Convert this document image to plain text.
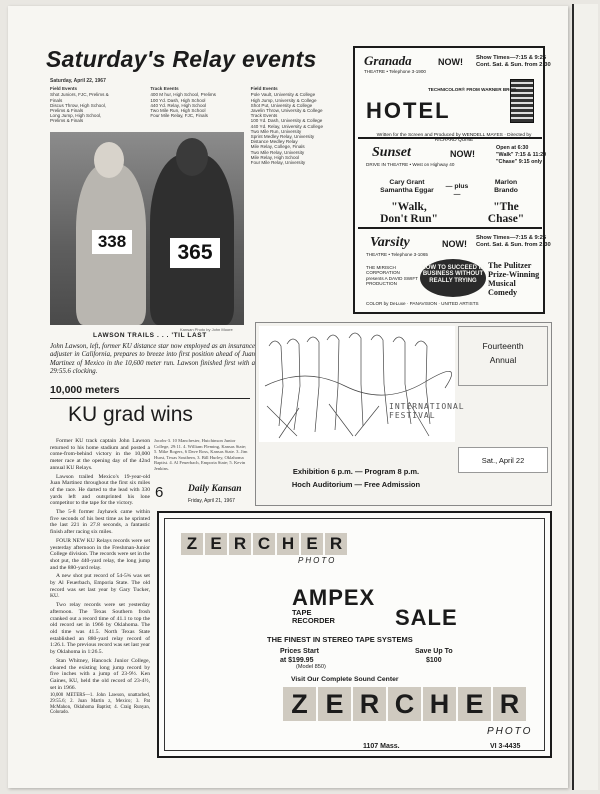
Saturday's Relay events
Saturday, April 22, 1967
Field Events
Shot Juniors, FJC, Prelims &
Finals
Discus Throw, High School,
Prelims & Finals
Long Jump, High School,
Prelims & Finals
Track Events
400 M hur, High School, Prelims
100 Yd. Dash, High School
440 Yd. Relay, High School
Two Mile Run, High School
Four Mile Relay, FJC, Finals
Field Events
Pole Vault, University & College
High Jump, University & College
Shot Put, University & College
Javelin Throw, University & College
Track Events
100 Yd. Dash, University & College
440 Yd. Relay, University & College
Two Mile Run, University
Sprint Medley Relay, University
Distance Medley Relay
Mile Relay, College, Finals
Two Mile Relay, University
Mile Relay, High School
Four Mile Relay, University
338	365
Kansan Photo by John Moore
LAWSON TRAILS . . . 'TIL LAST
John Lawson, left, former KU distance star now employed as an insurance adjuster in California, prepares to breeze into first position ahead of Juan Martinez of Mexico in the 10,600 meter run. Lawson finished first with a 29:55.6 clocking.
10,000 meters
KU grad wins

Former KU track captain John Lawson returned to his home stadium and posted a come-from-behind victory in the 10,000 meter race at the opening day of the 42nd annual KU Relays.

Lawson trailed Mexico's 19-year-old Juan Martinez throughout the first six miles of the race. He darted to the lead with 330 yards left and outsprinted his lone competitor to the tape for the victory.

The 5-8 former Jayhawk came within five seconds of his best time as he sprinted the last 221 in 27.8 seconds, a fantastic finish after racing six miles.

FOUR NEW KU Relays records were set yesterday afternoon in the Freshman-Junior College division. The records were set in the shot put, the 440-yard relay, the long jump and the 880-yard relay.

A new shot put record of 54-5¾ was set by Al Feuerbach, Emporia State. The old record was set last year by Gary Tucker, KU.

Two relay records were set yesterday afternoon. The Texas Southern frosh cranked out a record time of 41.1 to top the old record set in 1966 by Oklahoma. The old time was 41.5. North Texas State established an 880-yard relay record of 1:26.1. The previous record was set last year by Oklahoma in 1:26.5.

Stan Whitney, Hancock Junior College, cleared the existing long jump record by five inches with a jump of 23-9½. Ken Gaines, KU, held the old record of 23-4½, set in 1966.

10,000 METERS—1. John Lawson, unattached, 29:55.6; 2. Juan Martin z, Mexico; 3. Pat McMahon, Oklahoma Baptist; 4. Craig Runyan, Colorado.

Jacobs-3. 10 Manchester, Hutchinson Junior College, 29:11. 4. William Fleming, Kansas State; 5. Mike Rogers, 6 Dave Ross, Kansas State. 3. Jim Hurst, Texas Southern, 3. Bill Hurley, Oklahoma Baptist. 4. Al Feuerbach, Emporia State; 5. Kevin Jenkins.
6	Daily Kansan
Friday, April 21, 1967
Granada
THEATRE • Telephone 3-1900
NOW! Show Times—7:15 & 9:25
Cont. Sat. & Sun. from 2:30
HOTEL
TECHNICOLOR® FROM WARNER BROS.
Written for the Screen and Produced by WENDELL MAYES · Directed by RICHARD QUINE
Sunset
DRIVE IN THEATRE • West on Highway 40
NOW!
Open at 6:30
"Walk" 7:15 & 11:20
"Chase" 9:15 only
Cary Grant
Samantha Eggar
— plus —
Marlon
Brando
"Walk,
Don't Run"
"The
Chase"
Varsity
THEATRE • Telephone 3-1065
NOW!
Show Times—7:15 & 9:25
Cont. Sat. & Sun. from 2:30
THE MIRISCH CORPORATION presents A DAVID SWIFT PRODUCTION
HOW TO SUCCEED IN BUSINESS WITHOUT REALLY TRYING
The Pulitzer Prize-Winning Musical Comedy
COLOR by DeLuxe · PANAVISION · UNITED ARTISTS
INTERNATIONAL FESTIVAL
Fourteenth
Annual
Sat., April 22
Exhibition 6 p.m. — Program 8 p.m.
Hoch Auditorium — Free Admission
Z E R C H E R
PHOTO
AMPEX
TAPE
RECORDER	SALE
THE FINEST IN STEREO TAPE SYSTEMS
Prices Start
at $199.95
Save Up To
$100
(Model 850)
Visit Our Complete Sound Center
Z E R C H E R
PHOTO
1107 Mass.	VI 3-4435
